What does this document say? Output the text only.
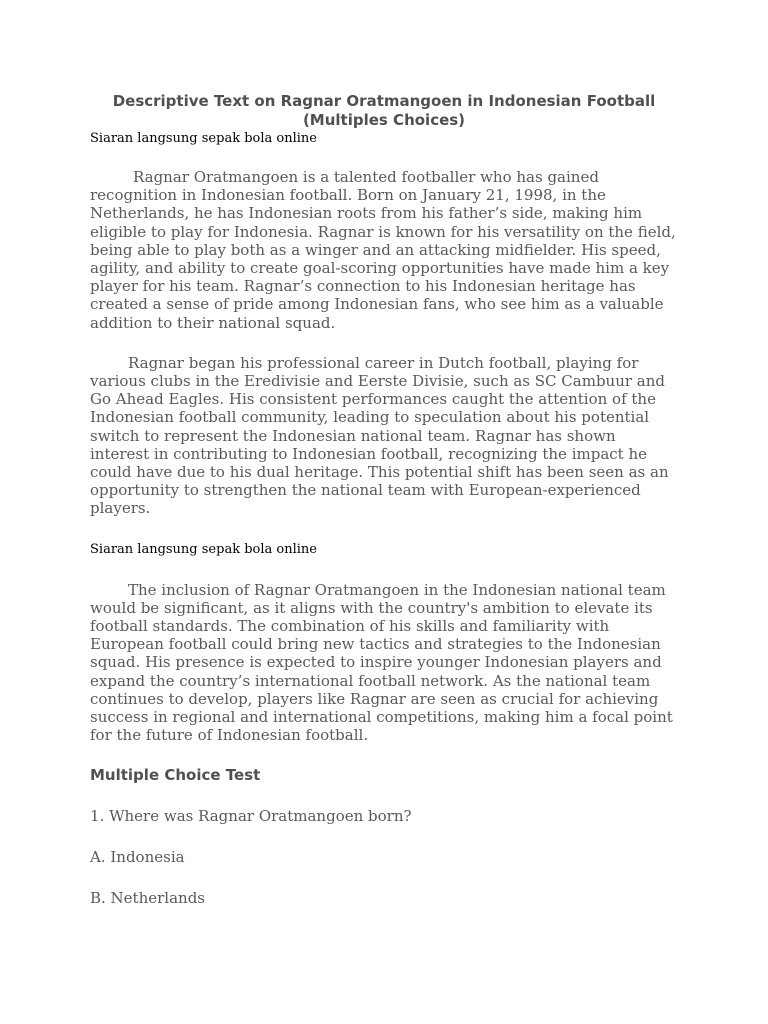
Descriptive Text on Ragnar Oratmangoen in Indonesian Football (Multiples Choices)

Siaran langsung sepak bola online

Ragnar Oratmangoen is a talented footballer who has gained recognition in Indonesian football. Born on January 21, 1998, in the Netherlands, he has Indonesian roots from his father’s side, making him eligible to play for Indonesia. Ragnar is known for his versatility on the field, being able to play both as a winger and an attacking midfielder. His speed, agility, and ability to create goal-scoring opportunities have made him a key player for his team. Ragnar’s connection to his Indonesian heritage has created a sense of pride among Indonesian fans, who see him as a valuable addition to their national squad.

Ragnar began his professional career in Dutch football, playing for various clubs in the Eredivisie and Eerste Divisie, such as SC Cambuur and Go Ahead Eagles. His consistent performances caught the attention of the Indonesian football community, leading to speculation about his potential switch to represent the Indonesian national team. Ragnar has shown interest in contributing to Indonesian football, recognizing the impact he could have due to his dual heritage. This potential shift has been seen as an opportunity to strengthen the national team with European-experienced players.

Siaran langsung sepak bola online

The inclusion of Ragnar Oratmangoen in the Indonesian national team would be significant, as it aligns with the country's ambition to elevate its football standards. The combination of his skills and familiarity with European football could bring new tactics and strategies to the Indonesian squad. His presence is expected to inspire younger Indonesian players and expand the country’s international football network. As the national team continues to develop, players like Ragnar are seen as crucial for achieving success in regional and international competitions, making him a focal point for the future of Indonesian football.

Multiple Choice Test

1. Where was Ragnar Oratmangoen born?

A. Indonesia

B. Netherlands
